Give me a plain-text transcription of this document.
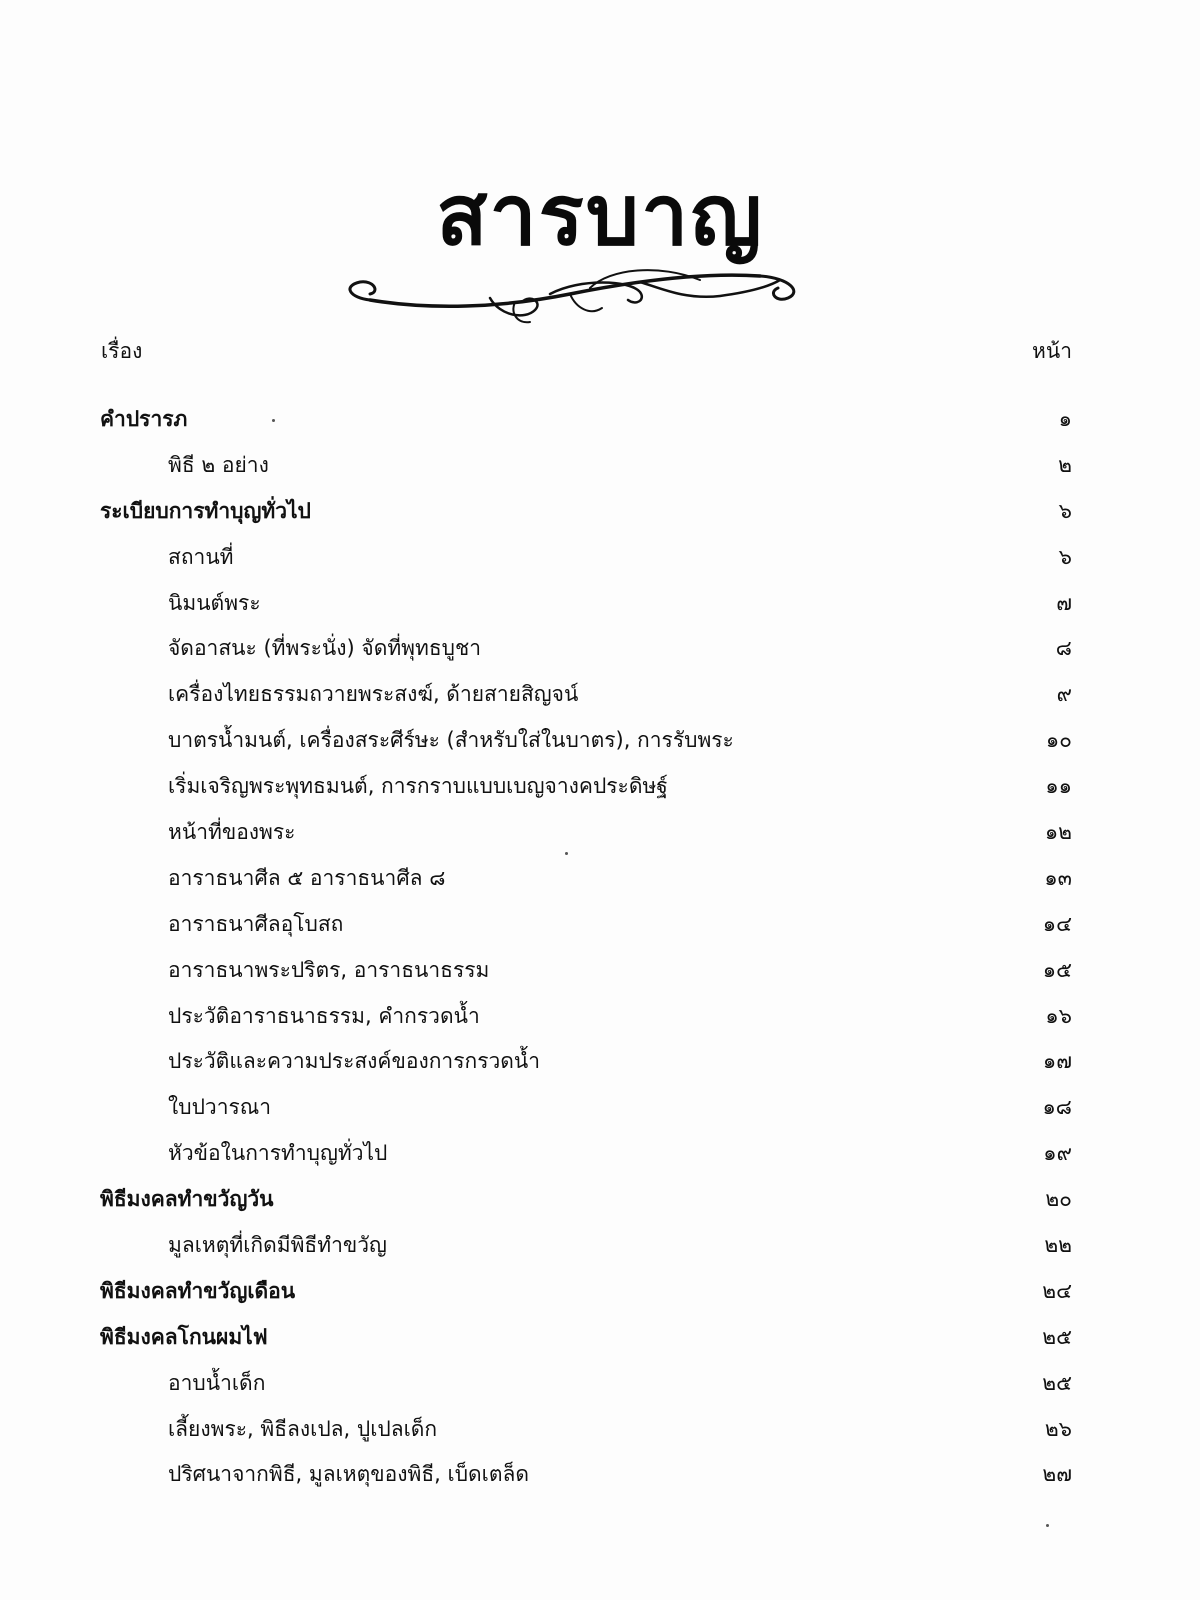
สารบาญ
เรื่อง	หน้า
คำปรารภ	๑
พิธี ๒ อย่าง	๒
ระเบียบการทำบุญทั่วไป	๖
สถานที่	๖
นิมนต์พระ	๗
จัดอาสนะ (ที่พระนั่ง) จัดที่พุทธบูชา	๘
เครื่องไทยธรรมถวายพระสงฆ์, ด้ายสายสิญจน์	๙
บาตรน้ำมนต์, เครื่องสระศีร์ษะ (สำหรับใส่ในบาตร), การรับพระ	๑๐
เริ่มเจริญพระพุทธมนต์, การกราบแบบเบญจางคประดิษฐ์	๑๑
หน้าที่ของพระ	๑๒
อาราธนาศีล ๕ อาราธนาศีล ๘	๑๓
อาราธนาศีลอุโบสถ	๑๔
อาราธนาพระปริตร, อาราธนาธรรม	๑๕
ประวัติอาราธนาธรรม, คำกรวดน้ำ	๑๖
ประวัติและความประสงค์ของการกรวดน้ำ	๑๗
ใบปวารณา	๑๘
หัวข้อในการทำบุญทั่วไป	๑๙
พิธีมงคลทำขวัญวัน	๒๐
มูลเหตุที่เกิดมีพิธีทำขวัญ	๒๒
พิธีมงคลทำขวัญเดือน	๒๔
พิธีมงคลโกนผมไฟ	๒๕
อาบน้ำเด็ก	๒๕
เลี้ยงพระ, พิธีลงเปล, ปูเปลเด็ก	๒๖
ปริศนาจากพิธี, มูลเหตุของพิธี, เบ็ดเตล็ด	๒๗
